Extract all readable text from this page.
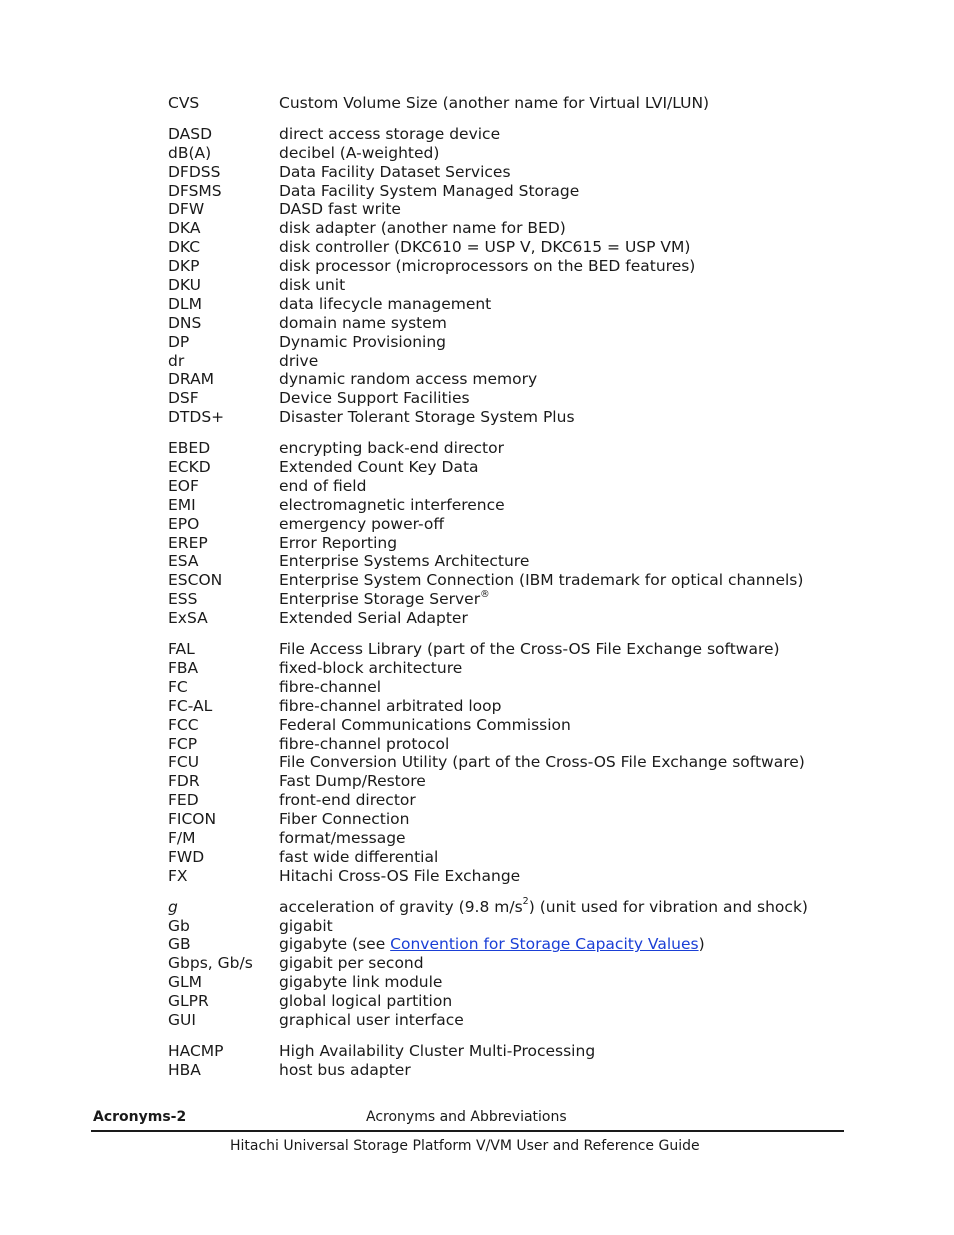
CVS	Custom Volume Size (another name for Virtual LVI/LUN)
DASD	direct access storage device
dB(A)	decibel (A-weighted)
DFDSS	Data Facility Dataset Services
DFSMS	Data Facility System Managed Storage
DFW	DASD fast write
DKA	disk adapter (another name for BED)
DKC	disk controller (DKC610 = USP V, DKC615 = USP VM)
DKP	disk processor (microprocessors on the BED features)
DKU	disk unit
DLM	data lifecycle management
DNS	domain name system
DP	Dynamic Provisioning
dr	drive
DRAM	dynamic random access memory
DSF	Device Support Facilities
DTDS+	Disaster Tolerant Storage System Plus
EBED	encrypting back-end director
ECKD	Extended Count Key Data
EOF	end of field
EMI	electromagnetic interference
EPO	emergency power-off
EREP	Error Reporting
ESA	Enterprise Systems Architecture
ESCON	Enterprise System Connection (IBM trademark for optical channels)
ESS	Enterprise Storage Server®
ExSA	Extended Serial Adapter
FAL	File Access Library (part of the Cross-OS File Exchange software)
FBA	fixed-block architecture
FC	fibre-channel
FC-AL	fibre-channel arbitrated loop
FCC	Federal Communications Commission
FCP	fibre-channel protocol
FCU	File Conversion Utility (part of the Cross-OS File Exchange software)
FDR	Fast Dump/Restore
FED	front-end director
FICON	Fiber Connection
F/M	format/message
FWD	fast wide differential
FX	Hitachi Cross-OS File Exchange
g	acceleration of gravity (9.8 $m/s^2$) (unit used for vibration and shock)
Gb	gigabit
GB	gigabyte (see Convention for Storage Capacity Values)
Gbps, Gb/s	gigabit per second
GLM	gigabyte link module
GLPR	global logical partition
GUI	graphical user interface
HACMP	High Availability Cluster Multi-Processing
HBA	host bus adapter
Acronyms-2	Acronyms and Abbreviations
Hitachi Universal Storage Platform V/VM User and Reference Guide
